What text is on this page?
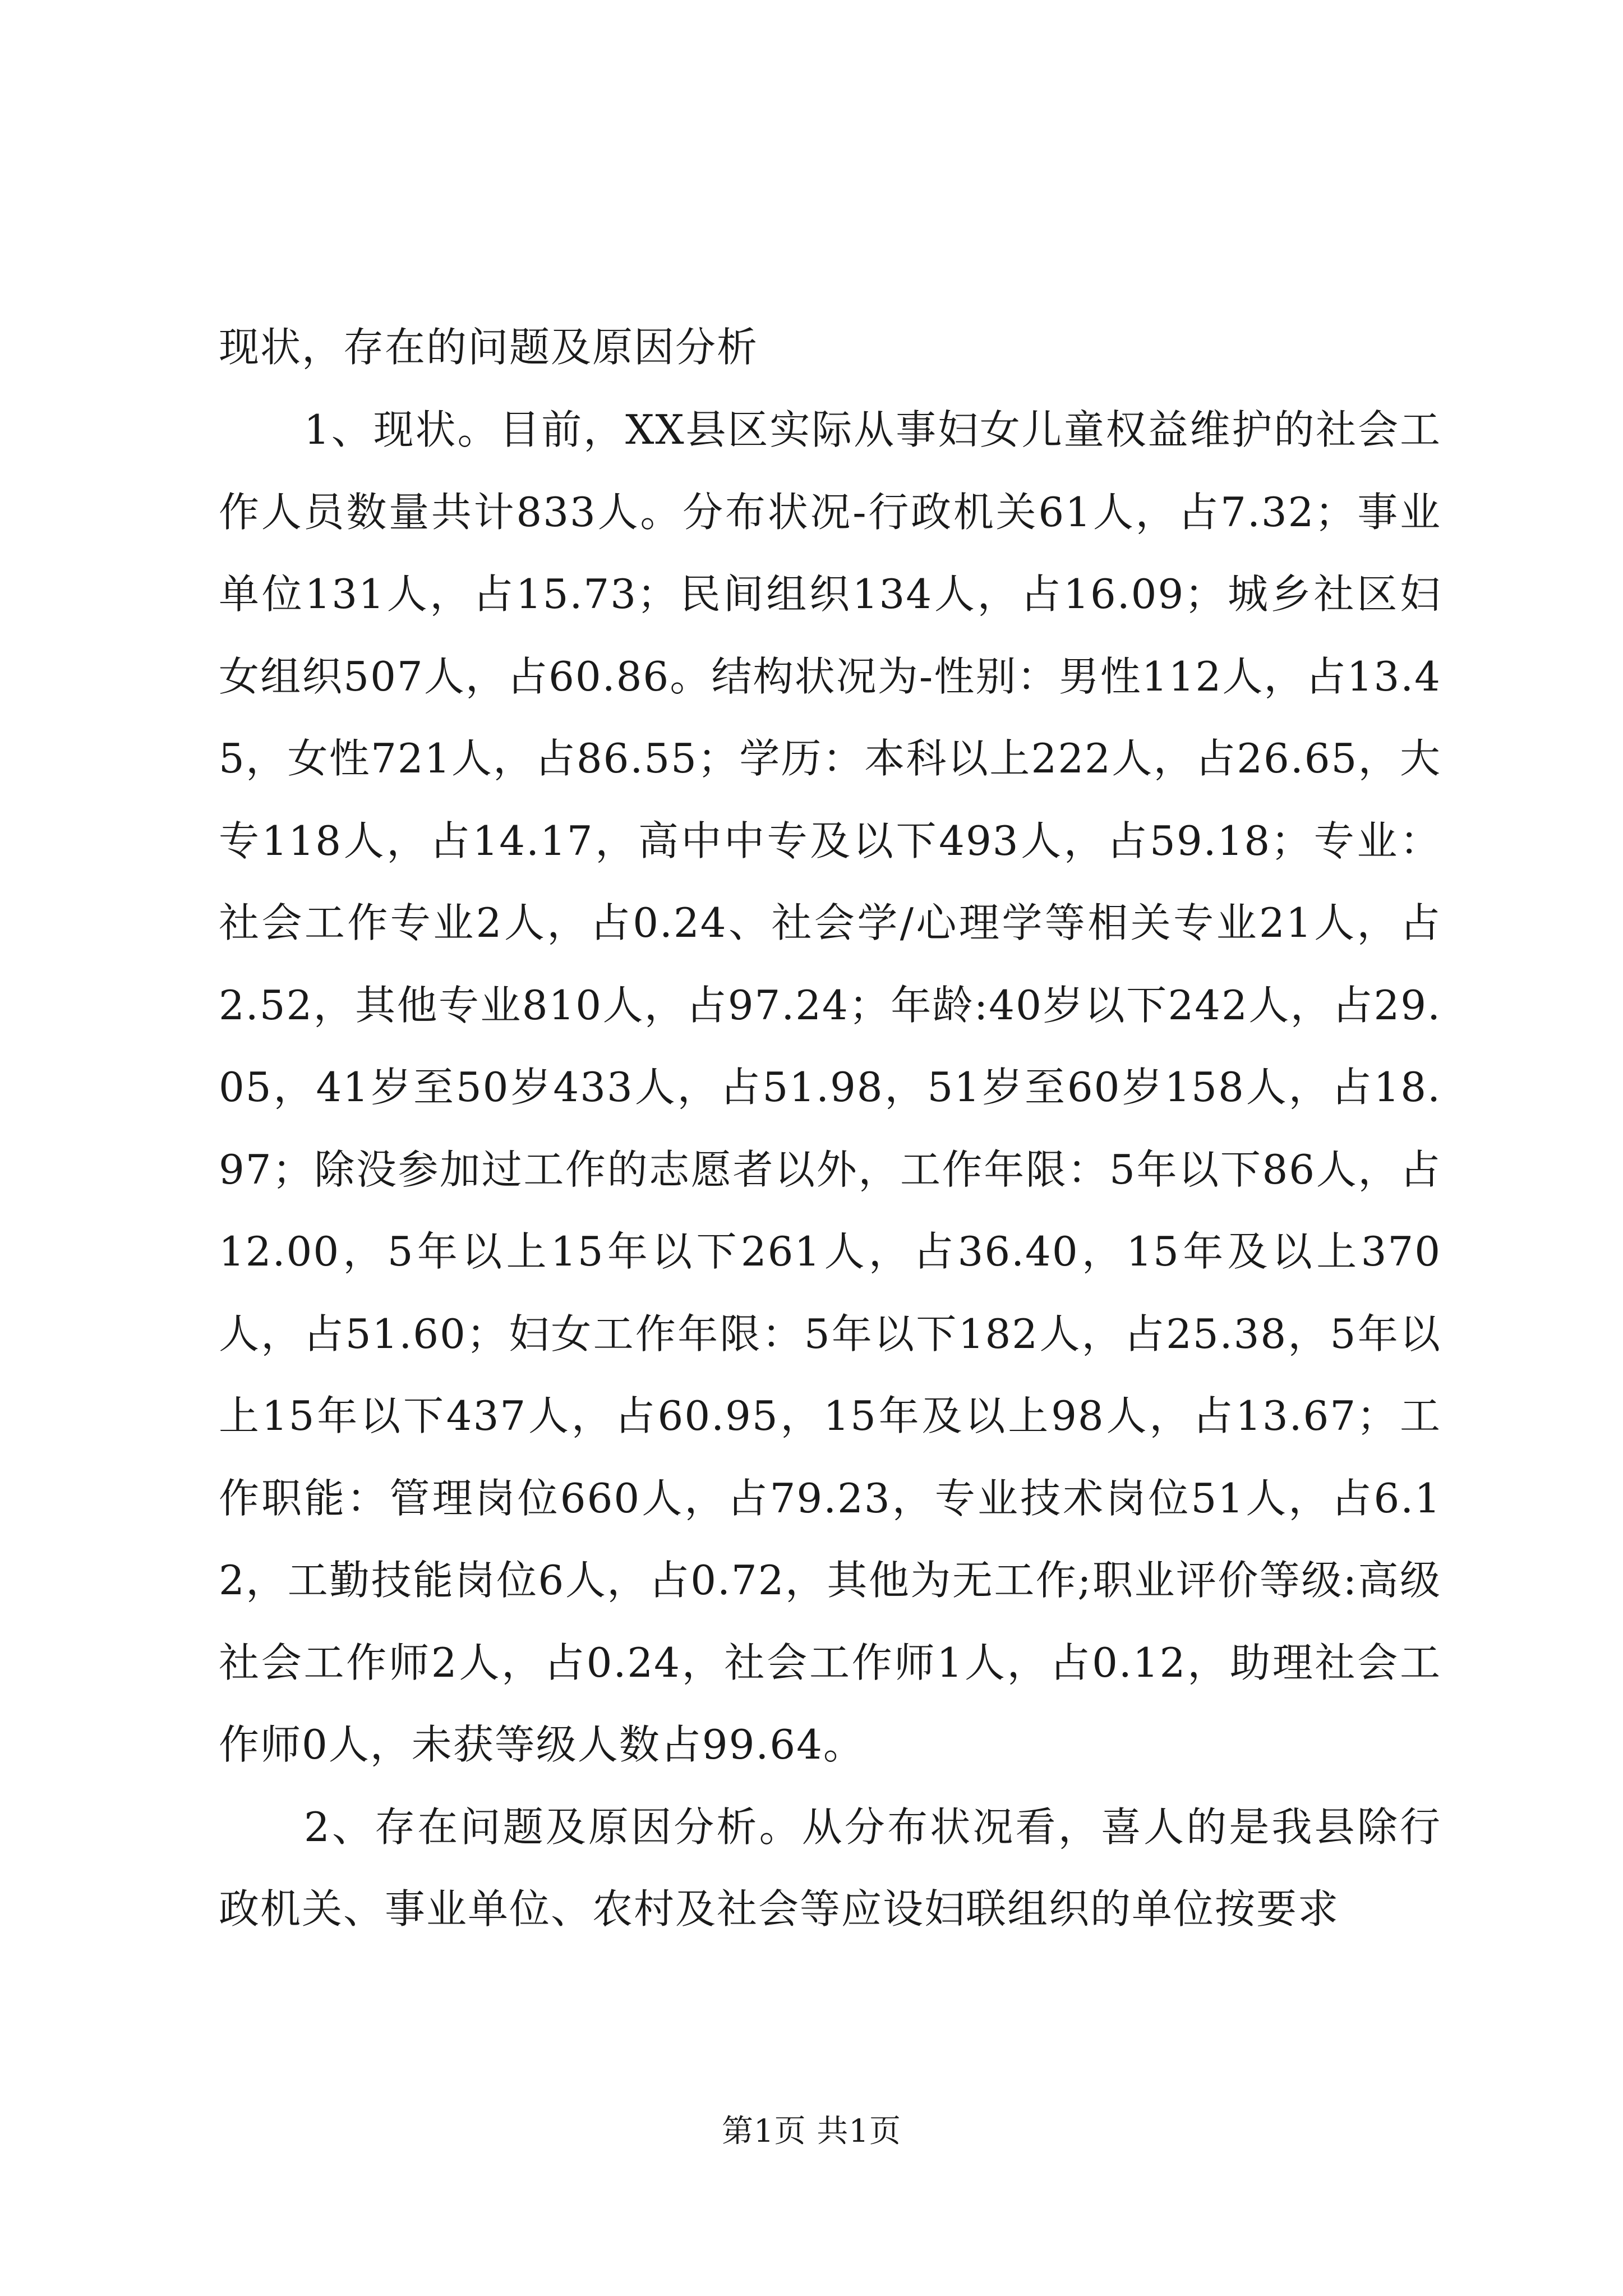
现状，存在的问题及原因分析

1、现状。目前，XX县区实际从事妇女儿童权益维护的社会工作人员数量共计833人。分布状况-行政机关61人，占7.32；事业单位131人，占15.73；民间组织134人，占16.09；城乡社区妇女组织507人，占60.86。结构状况为-性别：男性112人，占13.45，女性721人，占86.55；学历：本科以上222人，占26.65，大专118人，占14.17，高中中专及以下493人，占59.18；专业：社会工作专业2人，占0.24、社会学/心理学等相关专业21人，占2.52，其他专业810人，占97.24；年龄:40岁以下242人，占29.05，41岁至50岁433人，占51.98，51岁至60岁158人，占18.97；除没参加过工作的志愿者以外，工作年限：5年以下86人，占12.00，5年以上15年以下261人，占36.40，15年及以上370人，占51.60；妇女工作年限：5年以下182人，占25.38，5年以上15年以下437人，占60.95，15年及以上98人，占13.67；工作职能：管理岗位660人，占79.23，专业技术岗位51人，占6.12，工勤技能岗位6人，占0.72，其他为无工作;职业评价等级:高级社会工作师2人，占0.24，社会工作师1人，占0.12，助理社会工作师0人，未获等级人数占99.64。

2、存在问题及原因分析。从分布状况看，喜人的是我县除行政机关、事业单位、农村及社会等应设妇联组织的单位按要求

第1页 共1页
